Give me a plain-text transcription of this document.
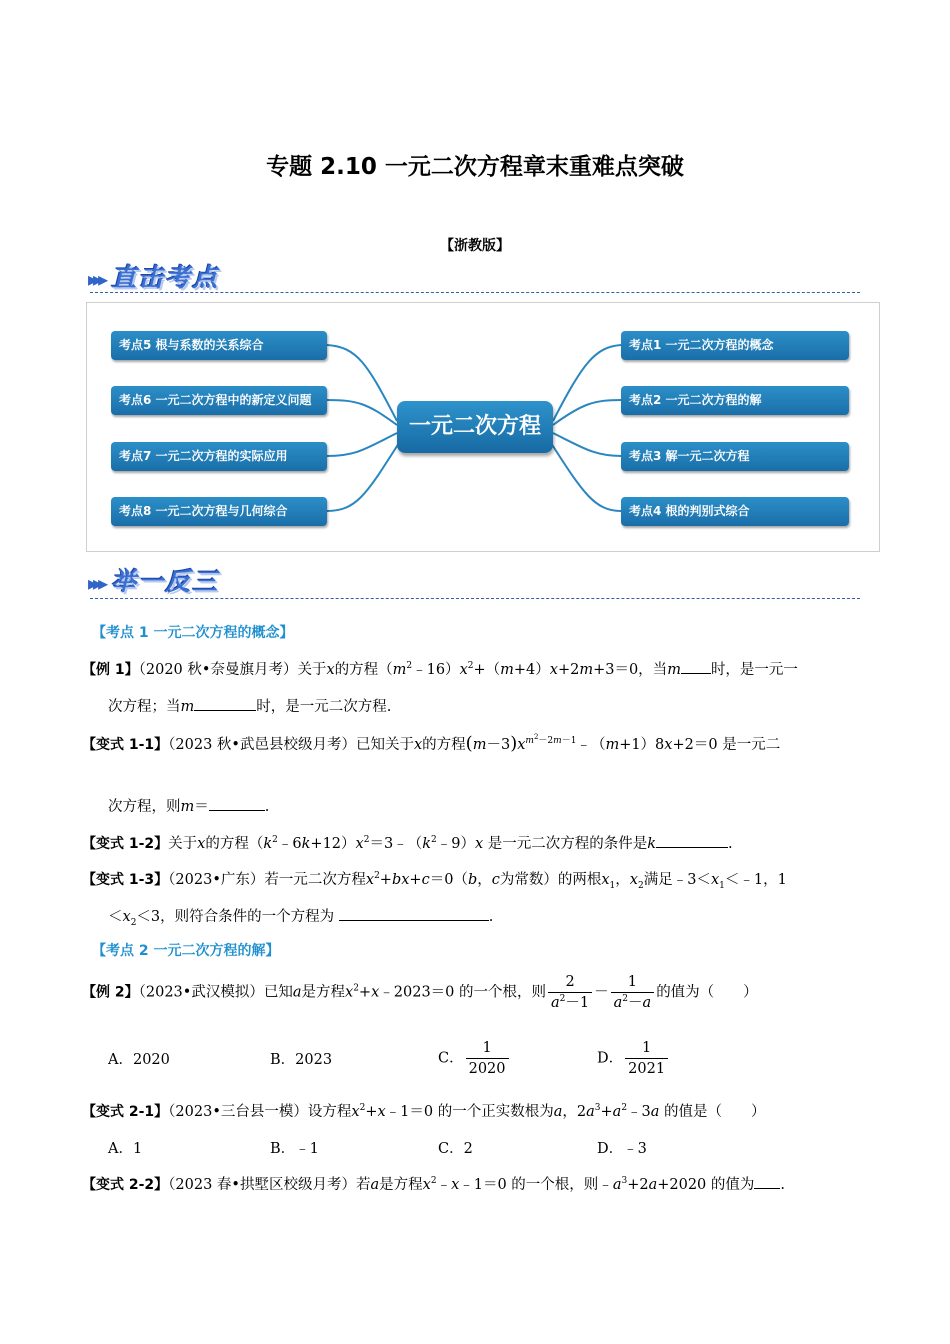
专题 2.10 一元二次方程章末重难点突破
【浙教版】
▸▸▸ 直击考点
考点5 根与系数的关系综合
考点6 一元二次方程中的新定义问题
考点7 一元二次方程的实际应用
考点8 一元二次方程与几何综合
一元二次方程
考点1 一元二次方程的概念
考点2 一元二次方程的解
考点3 解一元二次方程
考点4 根的判别式综合
▸▸▸ 举一反三
【考点 1 一元二次方程的概念】
【例 1】（2020 秋•奈曼旗月考）关于x的方程$(m^2﹣16)x^2+(m+4)x+2m+3=0$，当m 时，是一元一
次方程；当m	时，是一元二次方程.
【变式 1-1】（2023 秋•武邑县校级月考）已知关于x的方程$(m-3)x^{m^2-2m-1}﹣(m+1)8x+2=0$ 是一元二
次方程，则m＝	.
【变式 1-2】关于x的方程$(k^2﹣6k+12)x^2=3﹣(k^2﹣9)x$ 是一元二次方程的条件是k	.
【变式 1-3】（2023•广东）若一元二次方程$x^2+bx+c=0(b$，c为常数）的两根$x_1$，$x_2$满足$﹣3<x_1<﹣1$，1
$<x_2<3$，则符合条件的一个方程为	.
【考点 2 一元二次方程的解】
【例 2】（2023•武汉模拟）已知a是方程$x^2+x﹣2023=0$ 的一个根，则 $\frac{2}{a^2-1} - \frac{1}{a^2-a}$ 的值为（　　）
A．2020	B．2023	C． $\frac{1}{2020}$	D． $\frac{1}{2021}$
【变式 2-1】（2023•三台县一模）设方程$x^2+x﹣1=0$ 的一个正实数根为a，$2a^3+a^2﹣3a$ 的值是（　　）
A．1	B．﹣1	C．2	D．﹣3
【变式 2-2】（2023 春•拱墅区校级月考）若a是方程$x^2﹣x﹣1=0$ 的一个根，则$﹣a^3+2a+2020$ 的值为 .
